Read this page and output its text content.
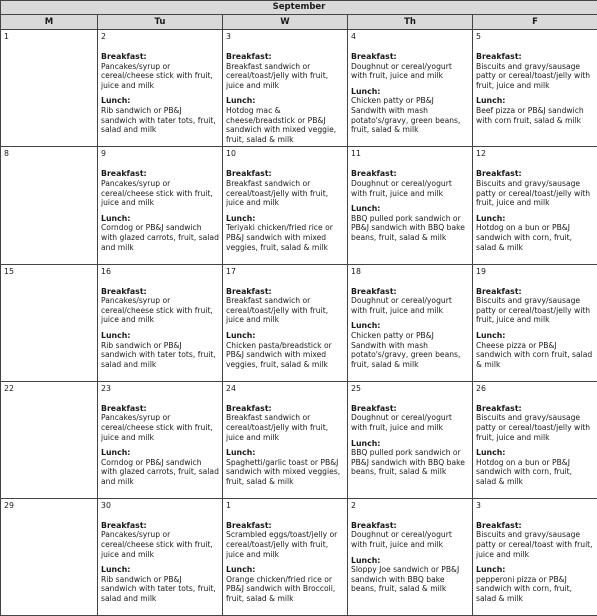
September				
M	Tu	W	Th	F

1	2
Breakfast:
Pancakes/syrup or cereal/cheese stick with fruit, juice and milk
Lunch:
Rib sandwich or PB&J sandwich with tater tots, fruit, salad and milk	3
Breakfast:
Breakfast sandwich or cereal/toast/jelly with fruit, juice and milk
Lunch:
Hotdog mac & cheese/breadstick or PB&J sandwich with mixed veggie, fruit, salad & milk	4
Breakfast:
Doughnut or cereal/yogurt with fruit, juice and milk
Lunch:
Chicken patty or PB&J Sandwith with mash potato's/gravy, green beans, fruit, salad & milk	5
Breakfast:
Biscuits and gravy/sausage patty or cereal/toast/jelly with fruit, juice and milk
Lunch:
Beef pizza or PB&J sandwich with corn fruit, salad & milk

8	9
Breakfast:
Pancakes/syrup or cereal/cheese stick with fruit, juice and milk
Lunch:
Corndog or PB&J sandwich with glazed carrots, fruit, salad and milk	10
Breakfast:
Breakfast sandwich or cereal/toast/jelly with fruit, juice and milk
Lunch:
Teriyaki chicken/fried rice or PB&J sandwich with mixed veggies, fruit, salad & milk	11
Breakfast:
Doughnut or cereal/yogurt with fruit, juice and milk
Lunch:
BBQ pulled pork sandwich or PB&J sandwich with BBQ bake beans, fruit, salad & milk	12
Breakfast:
Biscuits and gravy/sausage patty or cereal/toast/jelly with fruit, juice and milk
Lunch:
Hotdog on a bun or PB&J sandwich with corn, fruit, salad & milk

15	16
Breakfast:
Pancakes/syrup or cereal/cheese stick with fruit, juice and milk
Lunch:
Rib sandwich or PB&J sandwich with tater tots, fruit, salad and milk	17
Breakfast:
Breakfast sandwich or cereal/toast/jelly with fruit, juice and milk
Lunch:
Chicken pasta/breadstick or PB&J sandwich with mixed veggies, fruit, salad & milk	18
Breakfast:
Doughnut or cereal/yogurt with fruit, juice and milk
Lunch:
Chicken patty or PB&J Sandwith with mash potato's/gravy, green beans, fruit, salad & milk	19
Breakfast:
Biscuits and gravy/sausage patty or cereal/toast/jelly with fruit, juice and milk
Lunch:
Cheese pizza or PB&J sandwich with corn fruit, salad & milk

22	23
Breakfast:
Pancakes/syrup or cereal/cheese stick with fruit, juice and milk
Lunch:
Corndog or PB&J sandwich with glazed carrots, fruit, salad and milk	24
Breakfast:
Breakfast sandwich or cereal/toast/jelly with fruit, juice and milk
Lunch:
Spaghetti/garlic toast or PB&J sandwich with mixed veggies, fruit, salad & milk	25
Breakfast:
Doughnut or cereal/yogurt with fruit, juice and milk
Lunch:
BBQ pulled pork sandwich or PB&J sandwich with BBQ bake beans, fruit, salad & milk	26
Breakfast:
Biscuits and gravy/sausage patty or cereal/toast/jelly with fruit, juice and milk
Lunch:
Hotdog on a bun or PB&J sandwich with corn, fruit, salad & milk

29	30
Breakfast:
Pancakes/syrup or cereal/cheese stick with fruit, juice and milk
Lunch:
Rib sandwich or PB&J sandwich with tater tots, fruit, salad and milk	1
Breakfast:
Scrambled eggs/toast/jelly or cereal/toast/jelly with fruit, juice and milk
Lunch:
Orange chicken/fried rice or PB&J sandwich with Broccoli, fruit, salad & milk	2
Breakfast:
Doughnut or cereal/yogurt with fruit, juice and milk
Lunch:
Sloppy Joe sandwich or PB&J sandwich with BBQ bake beans, fruit, salad & milk	3
Breakfast:
Biscuits and gravy/sausage patty or cereal/toast with fruit, juice and milk
Lunch:
pepperoni pizza or PB&J sandwich with corn, fruit, salad & milk
